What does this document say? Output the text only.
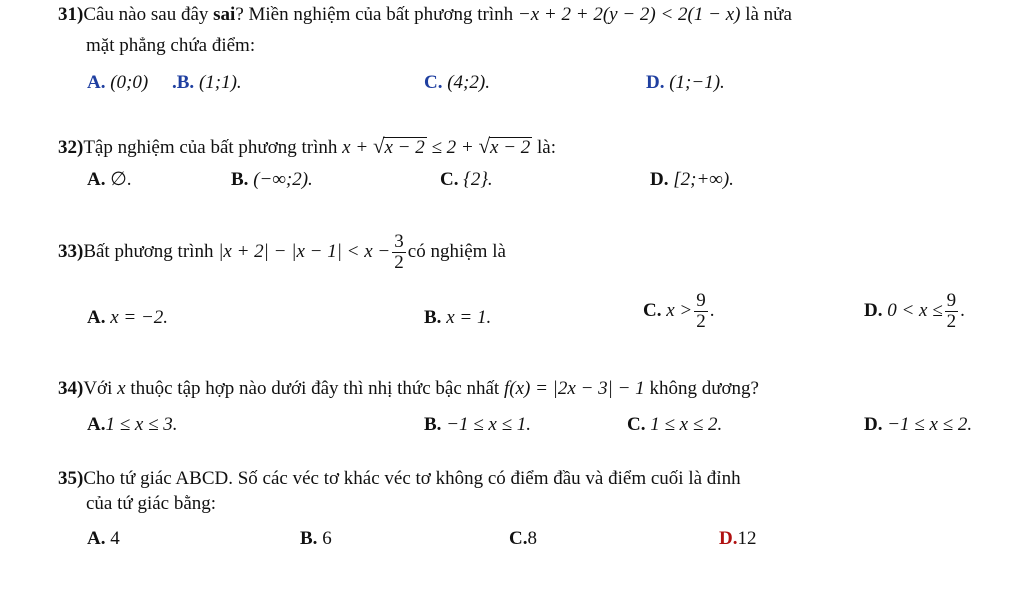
31)Câu nào sau đây sai? Miền nghiệm của bất phương trình −x + 2 + 2(y − 2) < 2(1 − x) là nửa
mặt phẳng chứa điểm:
A. (0;0) .B. (1;1).	C. (4;2).	D. (1;−1).
32)Tập nghiệm của bất phương trình x + √x − 2 ≤ 2 + √x − 2 là:
A. ∅.	B. (−∞;2).	C. {2}.	D. [2;+∞).
33) Bất phương trình
$|x + 2| - |x - 1| < x - \frac{3}{2}$ có nghiệm là
A. x = −2.	B. x = 1.	C.
$x > \frac{9}{2}$ .	D.
$0 < x \le \frac{9}{2}$ .
34)Với x thuộc tập hợp nào dưới đây thì nhị thức bậc nhất f(x) = |2x − 3| − 1 không dương?
A.1 ≤ x ≤ 3.	B. −1 ≤ x ≤ 1.	C. 1 ≤ x ≤ 2.	D. −1 ≤ x ≤ 2.
35)Cho tứ giác ABCD. Số các véc tơ khác véc tơ không có điểm đầu và điểm cuối là đỉnh
của tứ giác bằng:
A. 4	B. 6	C.8	D.12
